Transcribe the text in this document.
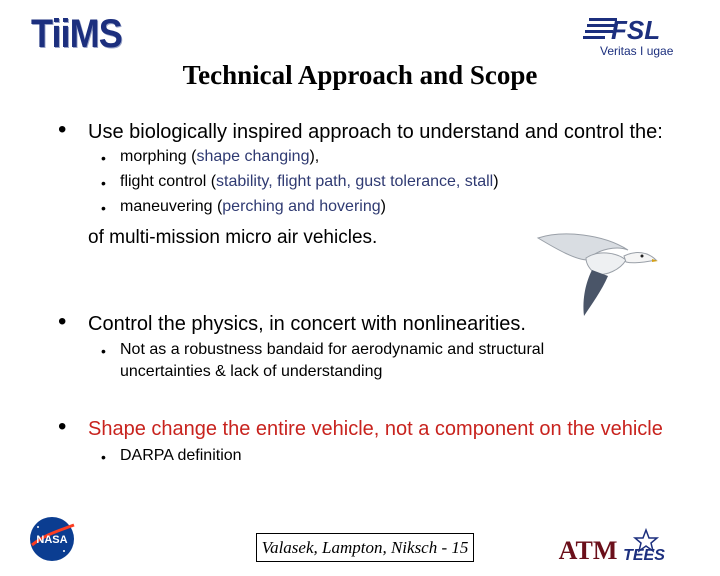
TiiMS	FSL
Veritas I ugae
Technical Approach and Scope
• Use biologically inspired approach to understand and control the:
• morphing (shape changing),
• flight control (stability, flight path, gust tolerance, stall)
• maneuvering (perching and hovering)
of multi-mission micro air vehicles.
• Control the physics, in concert with nonlinearities.
• Not as a robustness bandaid for aerodynamic and structural
uncertainties & lack of understanding
• Shape change the entire vehicle, not a component on the vehicle
• DARPA definition
NASA	Valasek, Lampton, Niksch - 15	ATM TEES
